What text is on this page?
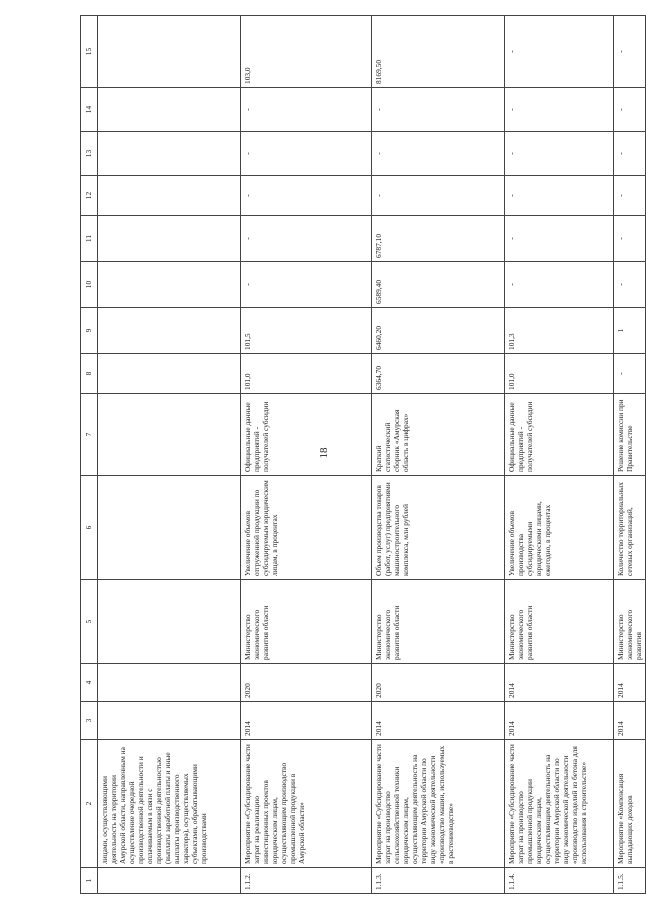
18
1	2	3	4	5	6	7	8	9	10	11	12	13	14	15
	лицами, осуществляющими деятельность на территории Амурской области, направленным на осуществление очередной производственной деятельности и оплачиваемым в связи с производственной деятельностью (выплаты заработной платы и иные выплаты производственного характера), осуществляемых субъектами, обрабатывающими производствами													
1.1.2.	Мероприятие «Субсидирование части затрат на реализацию инвестиционных проектов юридическим лицам, осуществляющим производство промышленной продукции в Амурской области»	2014	2020	Министерство экономического развития области	Увеличение объемов отгруженной продукции по субсидируемым юридическим лицам, в процентах	Официальные данные предприятий - получателей субсидии	101,0	101,5	-	-	-	-	-	103,0
1.1.3.	Мероприятие «Субсидирование части затрат на производство сельскохозяйственной техники юридическим лицам, осуществляющим деятельность на территории Амурской области по виду экономической деятельности «производство машин, используемых в растениеводстве»	2014	2020	Министерство экономического развития области	Объем производства товаров (работ, услуг) предприятиями машиностроительного комплекса, млн рублей	Краткий статистический сборник «Амурская область в цифрах»	6364,70	6460,20	6589,40	6787,10	-	-	-	8169,50
1.1.4.	Мероприятие «Субсидирование части затрат на производство промышленной продукции юридическим лицам, осуществляющим деятельность на территории Амурской области по виду экономической деятельности «производство изделий из бетона для использования в строительстве»	2014	2014	Министерство экономического развития области	Увеличение объемов производства субсидируемыми юридическими лицами, ежегодно, в процентах	Официальные данные предприятий - получателей субсидии	101,0	101,3	-	-	-	-	-	-
1.1.5.	Мероприятие «Компенсация выпадающих доходов	2014	2014	Министерство экономического развития	Количество территориальных сетевых организаций,	Решение комиссии при Правительстве	-	1	-	-	-	-	-	-
